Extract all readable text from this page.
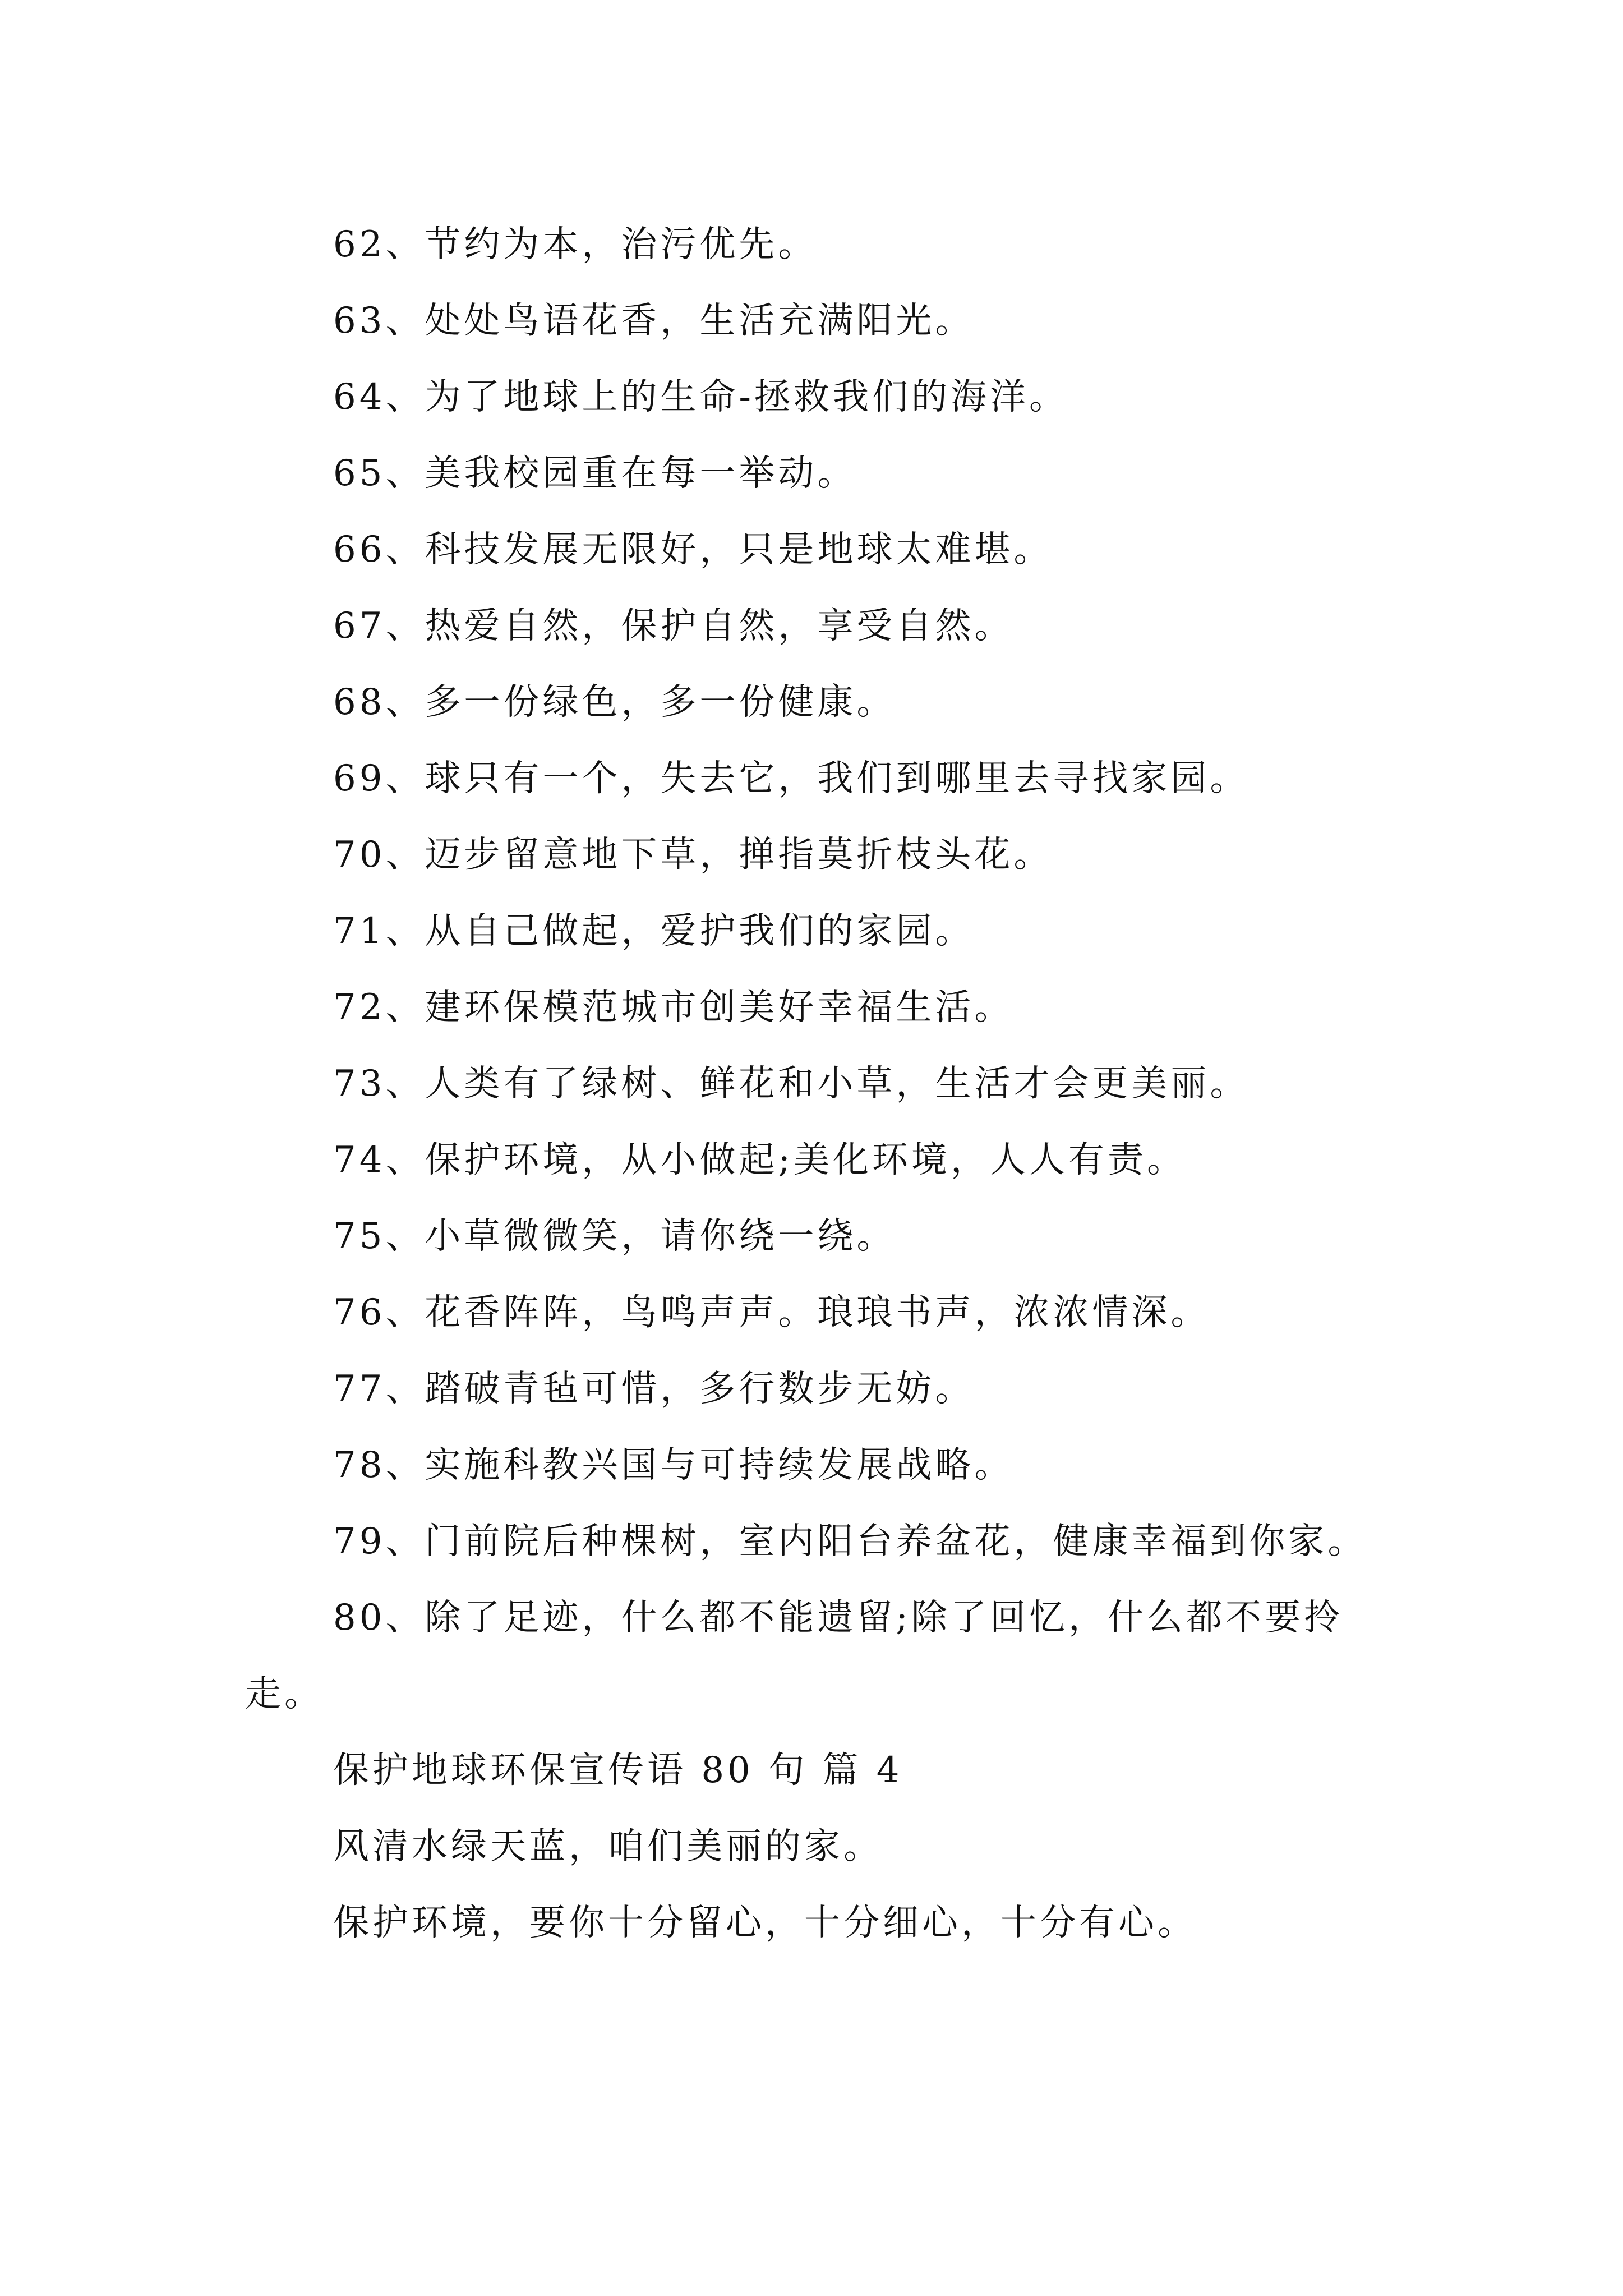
62、节约为本，治污优先。

63、处处鸟语花香，生活充满阳光。

64、为了地球上的生命-拯救我们的海洋。

65、美我校园重在每一举动。

66、科技发展无限好，只是地球太难堪。

67、热爱自然，保护自然，享受自然。

68、多一份绿色，多一份健康。

69、球只有一个，失去它，我们到哪里去寻找家园。

70、迈步留意地下草，掸指莫折枝头花。

71、从自己做起，爱护我们的家园。

72、建环保模范城市创美好幸福生活。

73、人类有了绿树、鲜花和小草，生活才会更美丽。

74、保护环境，从小做起;美化环境，人人有责。

75、小草微微笑，请你绕一绕。

76、花香阵阵，鸟鸣声声。琅琅书声，浓浓情深。

77、踏破青毡可惜，多行数步无妨。

78、实施科教兴国与可持续发展战略。

79、门前院后种棵树，室内阳台养盆花，健康幸福到你家。

80、除了足迹，什么都不能遗留;除了回忆，什么都不要拎走。

保护地球环保宣传语 80 句 篇 4

风清水绿天蓝，咱们美丽的家。

保护环境，要你十分留心，十分细心，十分有心。
